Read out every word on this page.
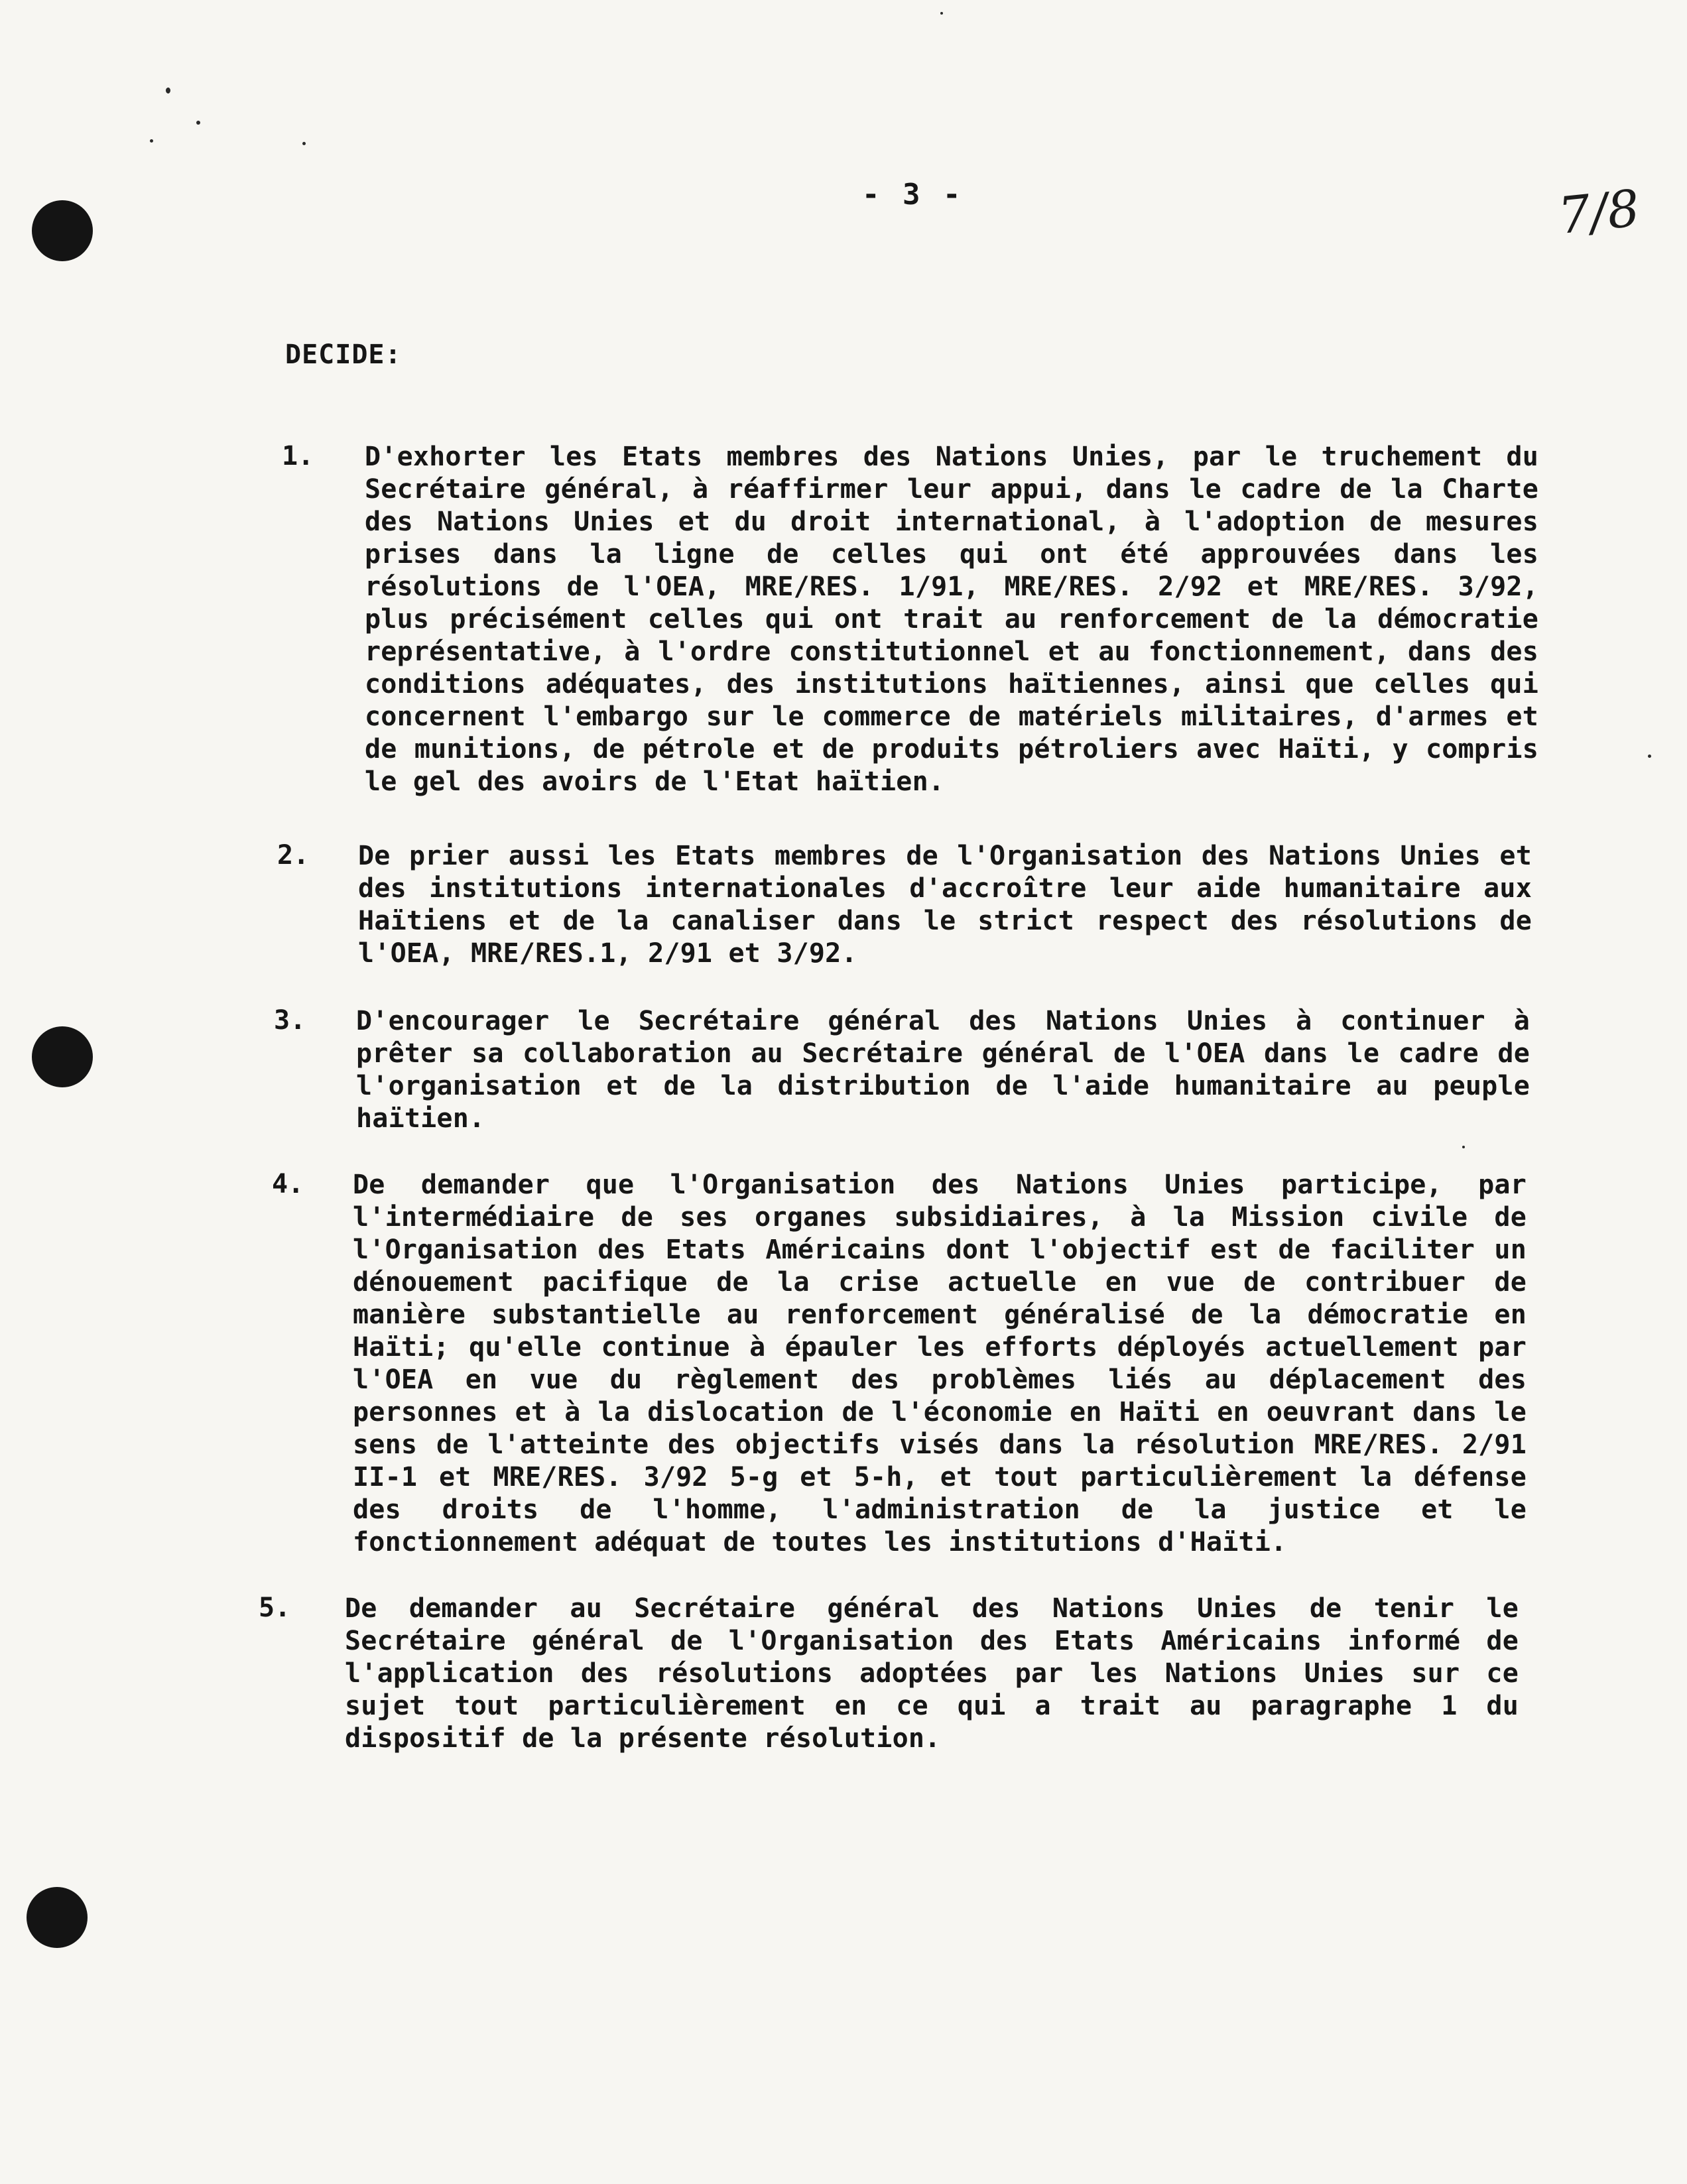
- 3 -	7/8
DECIDE:
1. D'exhorter les Etats membres des Nations Unies, par le truchement du Secrétaire général, à réaffirmer leur appui, dans le cadre de la Charte des Nations Unies et du droit international, à l'adoption de mesures prises dans la ligne de celles qui ont été approuvées dans les résolutions de l'OEA, MRE/RES. 1/91, MRE/RES. 2/92 et MRE/RES. 3/92, plus précisément celles qui ont trait au renforcement de la démocratie représentative, à l'ordre constitutionnel et au fonctionnement, dans des conditions adéquates, des institutions haïtiennes, ainsi que celles qui concernent l'embargo sur le commerce de matériels militaires, d'armes et de munitions, de pétrole et de produits pétroliers avec Haïti, y compris le gel des avoirs de l'Etat haïtien.

2. De prier aussi les Etats membres de l'Organisation des Nations Unies et des institutions internationales d'accroître leur aide humanitaire aux Haïtiens et de la canaliser dans le strict respect des résolutions de l'OEA, MRE/RES.1, 2/91 et 3/92.

3. D'encourager le Secrétaire général des Nations Unies à continuer à prêter sa collaboration au Secrétaire général de l'OEA dans le cadre de l'organisation et de la distribution de l'aide humanitaire au peuple haïtien.

4. De demander que l'Organisation des Nations Unies participe, par l'intermédiaire de ses organes subsidiaires, à la Mission civile de l'Organisation des Etats Américains dont l'objectif est de faciliter un dénouement pacifique de la crise actuelle en vue de contribuer de manière substantielle au renforcement généralisé de la démocratie en Haïti; qu'elle continue à épauler les efforts déployés actuellement par l'OEA en vue du règlement des problèmes liés au déplacement des personnes et à la dislocation de l'économie en Haïti en oeuvrant dans le sens de l'atteinte des objectifs visés dans la résolution MRE/RES. 2/91 II-1 et MRE/RES. 3/92 5-g et 5-h, et tout particulièrement la défense des droits de l'homme, l'administration de la justice et le fonctionnement adéquat de toutes les institutions d'Haïti.

5. De demander au Secrétaire général des Nations Unies de tenir le Secrétaire général de l'Organisation des Etats Américains informé de l'application des résolutions adoptées par les Nations Unies sur ce sujet tout particulièrement en ce qui a trait au paragraphe 1 du dispositif de la présente résolution.
